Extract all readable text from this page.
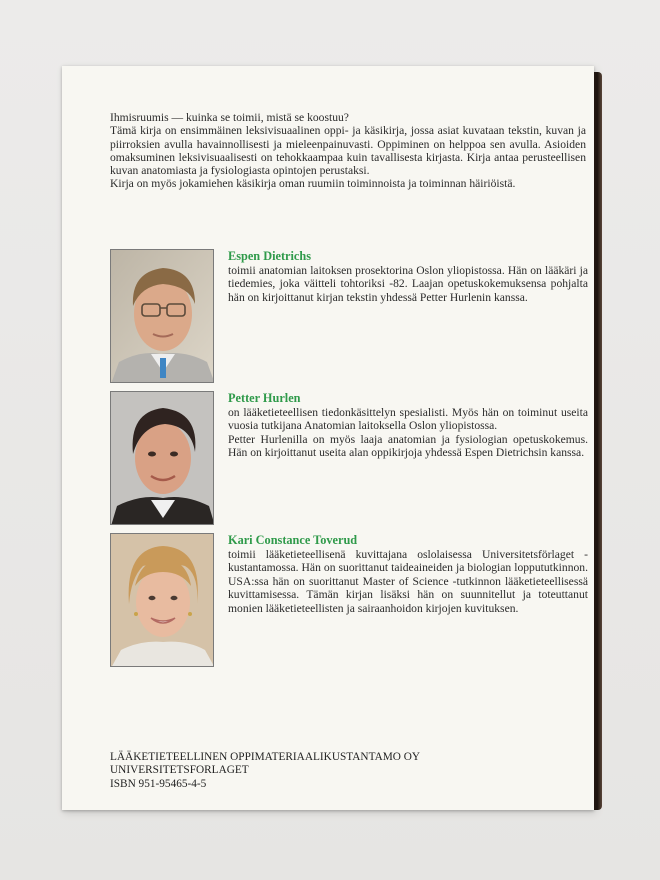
Ihmisruumis — kuinka se toimii, mistä se koostuu?

Tämä kirja on ensimmäinen leksivisuaalinen oppi- ja käsikirja, jossa asiat kuvataan tekstin, kuvan ja piirroksien avulla havainnollisesti ja mieleenpainuvasti. Oppiminen on helppoa sen avulla. Asioiden omaksuminen leksivisuaalisesti on tehokkaampaa kuin tavallisesta kirjasta. Kirja antaa perusteellisen kuvan anatomiasta ja fysiologiasta opintojen perustaksi.

Kirja on myös jokamiehen käsikirja oman ruumiin toiminnoista ja toiminnan häiriöistä.

Espen Dietrichs

toimii anatomian laitoksen prosektorina Oslon yliopistossa. Hän on lääkäri ja tiedemies, joka väitteli tohtoriksi -82. Laajan opetuskokemuksensa pohjalta hän on kirjoittanut kirjan tekstin yhdessä Petter Hurlenin kanssa.

Petter Hurlen

on lääketieteellisen tiedonkäsittelyn spesialisti. Myös hän on toiminut useita vuosia tutkijana Anatomian laitoksella Oslon yliopistossa.

Petter Hurlenilla on myös laaja anatomian ja fysiologian opetuskokemus. Hän on kirjoittanut useita alan oppikirjoja yhdessä Espen Dietrichsin kanssa.

Kari Constance Toverud

toimii lääketieteellisenä kuvittajana oslolaisessa Universitetsförlaget -kustantamossa. Hän on suorittanut taideaineiden ja biologian loppututkinnon. USA:ssa hän on suorittanut Master of Science -tutkinnon lääketieteellisessä kuvittamisessa. Tämän kirjan lisäksi hän on suunnitellut ja toteuttanut monien lääketieteellisten ja sairaanhoidon kirjojen kuvituksen.

LÄÄKETIETEELLINEN OPPIMATERIAALIKUSTANTAMO OY
UNIVERSITETSFORLAGET
ISBN 951-95465-4-5
